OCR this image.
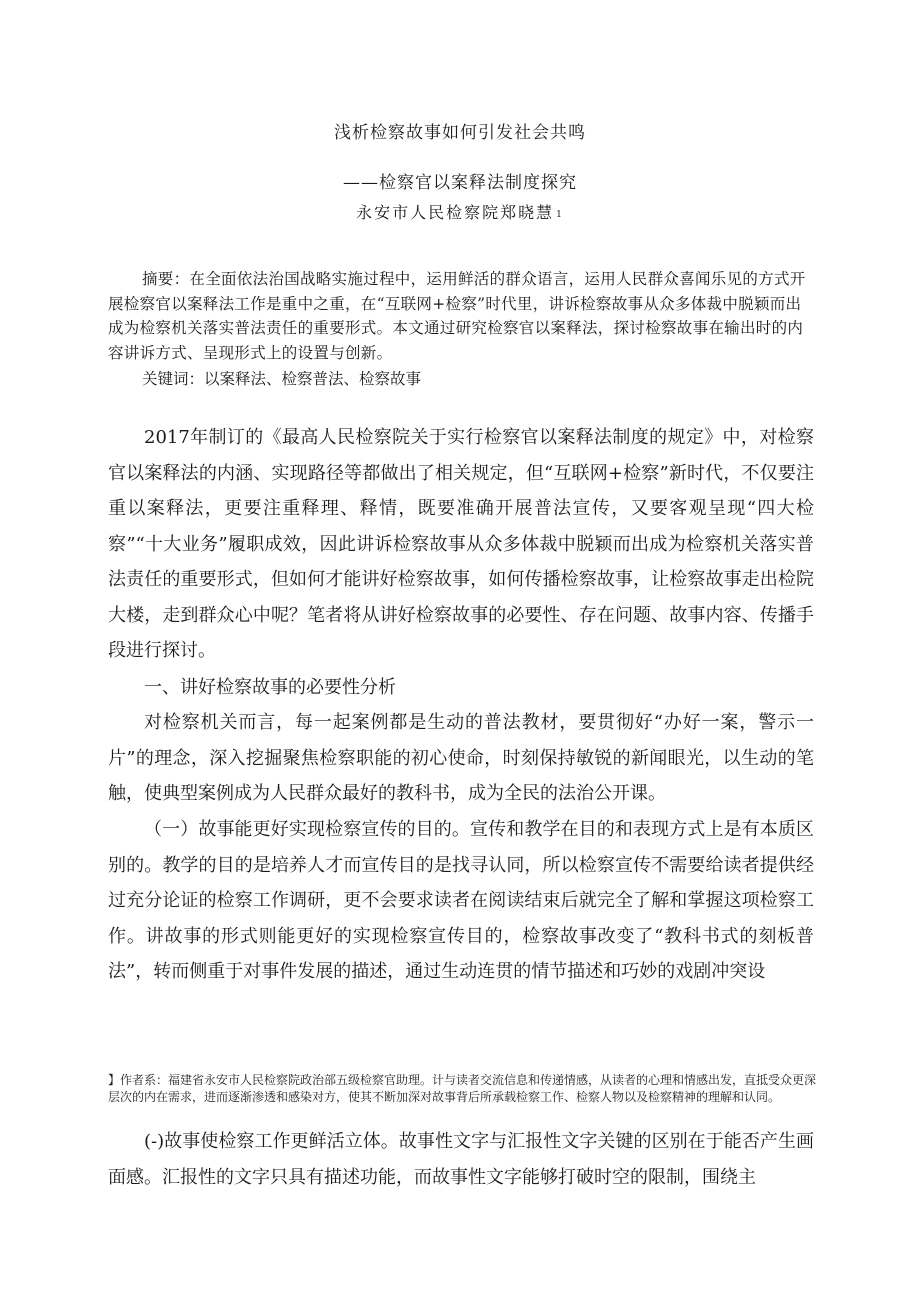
浅析检察故事如何引发社会共鸣
——检察官以案释法制度探究
永安市人民检察院郑晓慧 $^1$

摘要：在全面依法治国战略实施过程中，运用鲜活的群众语言，运用人民群众喜闻乐见的方式开展检察官以案释法工作是重中之重，在“互联网+检察”时代里，讲诉检察故事从众多体裁中脱颖而出成为检察机关落实普法责任的重要形式。本文通过研究检察官以案释法，探讨检察故事在输出时的内容讲诉方式、呈现形式上的设置与创新。

关键词：以案释法、检察普法、检察故事

2017年制订的《最高人民检察院关于实行检察官以案释法制度的规定》中，对检察官以案释法的内涵、实现路径等都做出了相关规定，但“互联网+检察”新时代，不仅要注重以案释法，更要注重释理、释情，既要准确开展普法宣传，又要客观呈现“四大检察”“十大业务”履职成效，因此讲诉检察故事从众多体裁中脱颖而出成为检察机关落实普法责任的重要形式，但如何才能讲好检察故事，如何传播检察故事，让检察故事走出检院大楼，走到群众心中呢？笔者将从讲好检察故事的必要性、存在问题、故事内容、传播手段进行探讨。

一、讲好检察故事的必要性分析

对检察机关而言，每一起案例都是生动的普法教材，要贯彻好“办好一案，警示一片”的理念，深入挖掘聚焦检察职能的初心使命，时刻保持敏锐的新闻眼光，以生动的笔触，使典型案例成为人民群众最好的教科书，成为全民的法治公开课。

（一）故事能更好实现检察宣传的目的。宣传和教学在目的和表现方式上是有本质区别的。教学的目的是培养人才而宣传目的是找寻认同，所以检察宣传不需要给读者提供经过充分论证的检察工作调研，更不会要求读者在阅读结束后就完全了解和掌握这项检察工作。讲故事的形式则能更好的实现检察宣传目的，检察故事改变了“教科书式的刻板普法”，转而侧重于对事件发展的描述，通过生动连贯的情节描述和巧妙的戏剧冲突设

】作者系：福建省永安市人民检察院政治部五级检察官助理。计与读者交流信息和传递情感，从读者的心理和情感出发，直抵受众更深层次的内在需求，进而逐渐渗透和感染对方，使其不断加深对故事背后所承载检察工作、检察人物以及检察精神的理解和认同。

(-)故事使检察工作更鲜活立体。故事性文字与汇报性文字关键的区别在于能否产生画面感。汇报性的文字只具有描述功能，而故事性文字能够打破时空的限制，围绕主
